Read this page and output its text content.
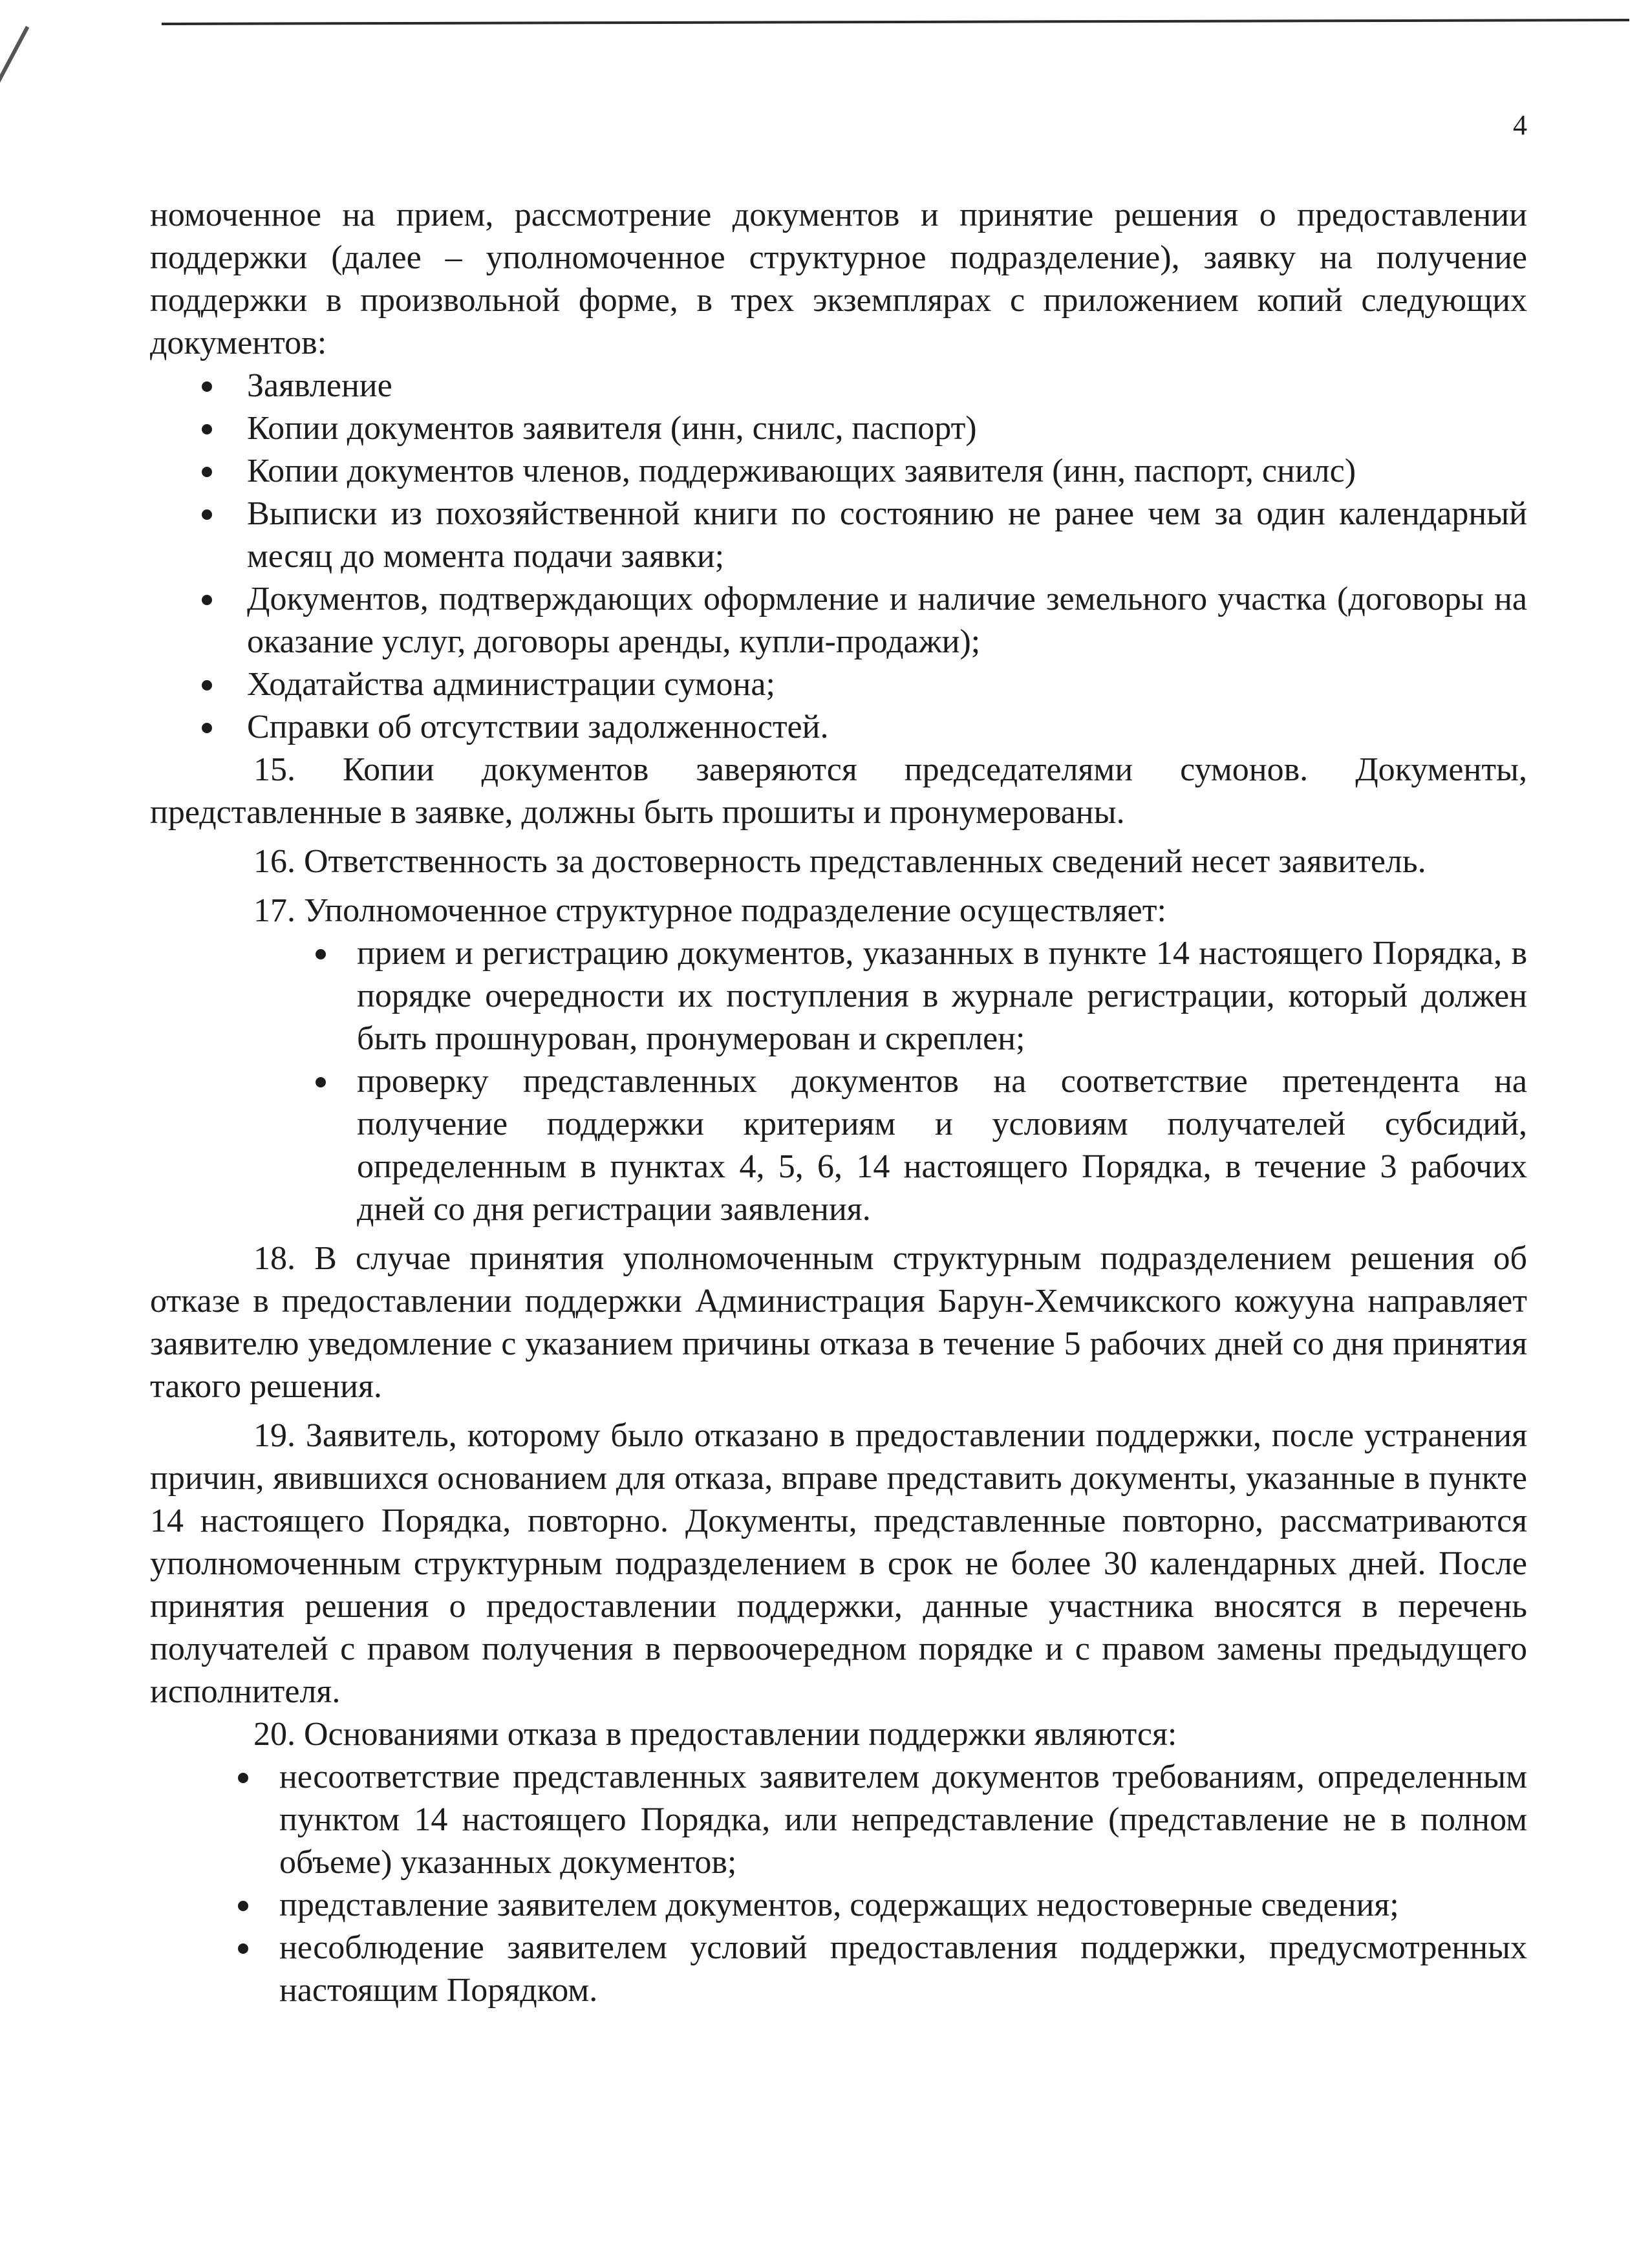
4

номоченное на прием, рассмотрение документов и принятие решения о предоставлении поддержки (далее – уполномоченное структурное подразделение), заявку на получение поддержки в произвольной форме, в трех экземплярах с приложением копий следующих документов:

Заявление
Копии документов заявителя (инн, снилс, паспорт)
Копии документов членов, поддерживающих заявителя (инн, паспорт, снилс)
Выписки из похозяйственной книги по состоянию не ранее чем за один календарный месяц до момента подачи заявки;
Документов, подтверждающих оформление и наличие земельного участка (договоры на оказание услуг, договоры аренды, купли-продажи);
Ходатайства администрации сумона;
Справки об отсутствии задолженностей.

15. Копии документов заверяются председателями сумонов. Документы, представленные в заявке, должны быть прошиты и пронумерованы.

16. Ответственность за достоверность представленных сведений несет заявитель.

17. Уполномоченное структурное подразделение осуществляет:

прием и регистрацию документов, указанных в пункте 14 настоящего Порядка, в порядке очередности их поступления в журнале регистрации, который должен быть прошнурован, пронумерован и скреплен;
проверку представленных документов на соответствие претендента на получение поддержки критериям и условиям получателей субсидий, определенным в пунктах 4, 5, 6, 14 настоящего Порядка, в течение 3 рабочих дней со дня регистрации заявления.

18. В случае принятия уполномоченным структурным подразделением решения об отказе в предоставлении поддержки Администрация Барун-Хемчикского кожууна направляет заявителю уведомление с указанием причины отказа в течение 5 рабочих дней со дня принятия такого решения.

19. Заявитель, которому было отказано в предоставлении поддержки, после устранения причин, явившихся основанием для отказа, вправе представить документы, указанные в пункте 14 настоящего Порядка, повторно. Документы, представленные повторно, рассматриваются уполномоченным структурным подразделением в срок не более 30 календарных дней. После принятия решения о предоставлении поддержки, данные участника вносятся в перечень получателей с правом получения в первоочередном порядке и с правом замены предыдущего исполнителя.

20. Основаниями отказа в предоставлении поддержки являются:

несоответствие представленных заявителем документов требованиям, определенным пунктом 14 настоящего Порядка, или непредставление (представление не в полном объеме) указанных документов;
представление заявителем документов, содержащих недостоверные сведения;
несоблюдение заявителем условий предоставления поддержки, предусмотренных настоящим Порядком.
